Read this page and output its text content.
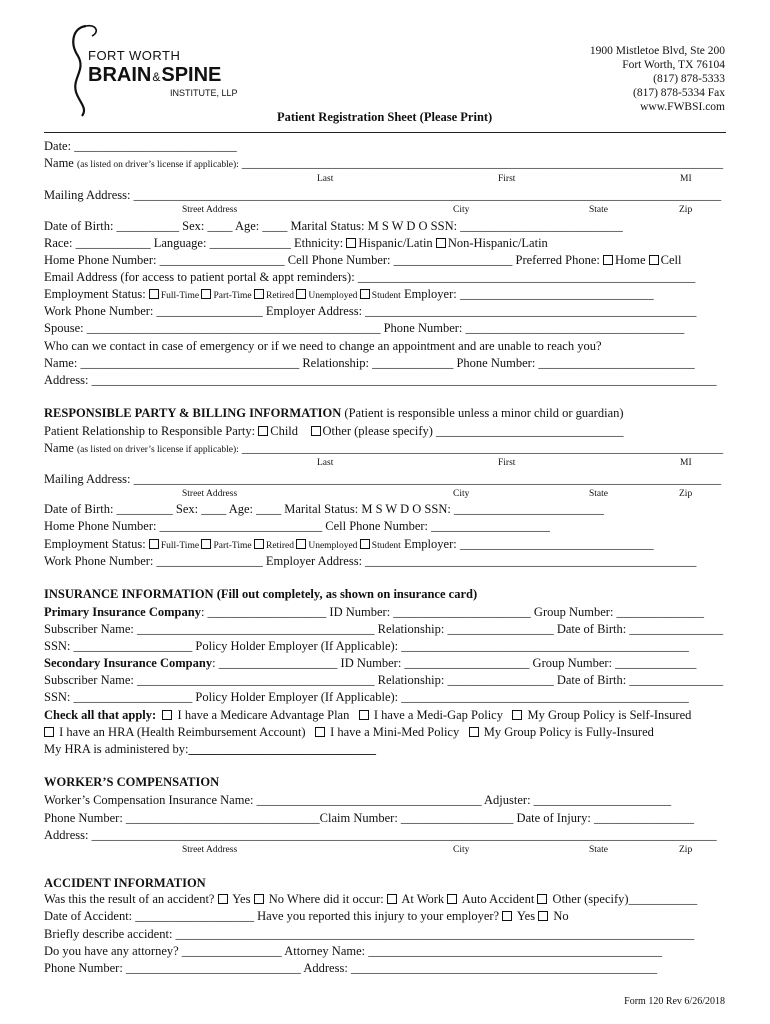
FORT WORTH
BRAIN&SPINE
INSTITUTE, LLP
1900 Mistletoe Blvd, Ste 200
Fort Worth, TX 76104
(817) 878-5333
(817) 878-5334 Fax
www.FWBSI.com
Patient Registration Sheet (Please Print)
Date: __________________________
Name (as listed on driver’s license if applicable): _____________________________________________________________________________
Last	First	MI
Mailing Address: ______________________________________________________________________________________________
Street Address	City	State	Zip
Date of Birth: __________ Sex: ____ Age: ____ Marital Status: M S W D O SSN: __________________________
Race: ____________ Language: _____________ Ethnicity: Hispanic/Latin Non-Hispanic/Latin
Home Phone Number: ____________________ Cell Phone Number: ___________________ Preferred Phone: Home Cell
Email Address (for access to patient portal & appt reminders): ______________________________________________________
Employment Status: Full-Time Part-Time Retired Unemployed Student Employer: _______________________________
Work Phone Number: _________________ Employer Address: _____________________________________________________
Spouse: _______________________________________________ Phone Number: ___________________________________
Who can we contact in case of emergency or if we need to change an appointment and are unable to reach you?
Name: ___________________________________ Relationship: _____________ Phone Number: _________________________
Address: ____________________________________________________________________________________________________
RESPONSIBLE PARTY & BILLING INFORMATION (Patient is responsible unless a minor child or guardian)
Patient Relationship to Responsible Party: Child Other (please specify) ______________________________
Name (as listed on driver’s license if applicable): _____________________________________________________________________________
Last	First	MI
Mailing Address: ______________________________________________________________________________________________
Street Address	City	State	Zip
Date of Birth: _________ Sex: ____ Age: ____ Marital Status: M S W D O SSN: ________________________
Home Phone Number: __________________________ Cell Phone Number: ___________________
Employment Status: Full-Time Part-Time Retired Unemployed Student Employer: _______________________________
Work Phone Number: _________________ Employer Address: _____________________________________________________
INSURANCE INFORMATION (Fill out completely, as shown on insurance card)
Primary Insurance Company: ___________________ ID Number: ______________________ Group Number: ______________
Subscriber Name: ______________________________________ Relationship: _________________ Date of Birth: _______________
SSN: ___________________ Policy Holder Employer (If Applicable): ______________________________________________
Secondary Insurance Company: ___________________ ID Number: ____________________ Group Number: _____________
Subscriber Name: ______________________________________ Relationship: _________________ Date of Birth: _______________
SSN: ___________________ Policy Holder Employer (If Applicable): ______________________________________________
Check all that apply: I have a Medicare Advantage Plan I have a Medi-Gap Policy My Group Policy is Self-Insured
I have an HRA (Health Reimbursement Account) I have a Mini-Med Policy My Group Policy is Fully-Insured
My HRA is administered by:______________________________
WORKER’S COMPENSATION
Worker’s Compensation Insurance Name: ____________________________________ Adjuster: ______________________
Phone Number: _______________________________Claim Number: __________________ Date of Injury: ________________
Address: ____________________________________________________________________________________________________
Street Address	City	State	Zip
ACCIDENT INFORMATION
Was this the result of an accident? Yes No Where did it occur: At Work Auto Accident Other (specify)___________
Date of Accident: ___________________ Have you reported this injury to your employer? Yes No
Briefly describe accident: ___________________________________________________________________________________
Do you have any attorney? ________________ Attorney Name: _______________________________________________
Phone Number: ____________________________ Address: _________________________________________________
Form 120 Rev 6/26/2018
